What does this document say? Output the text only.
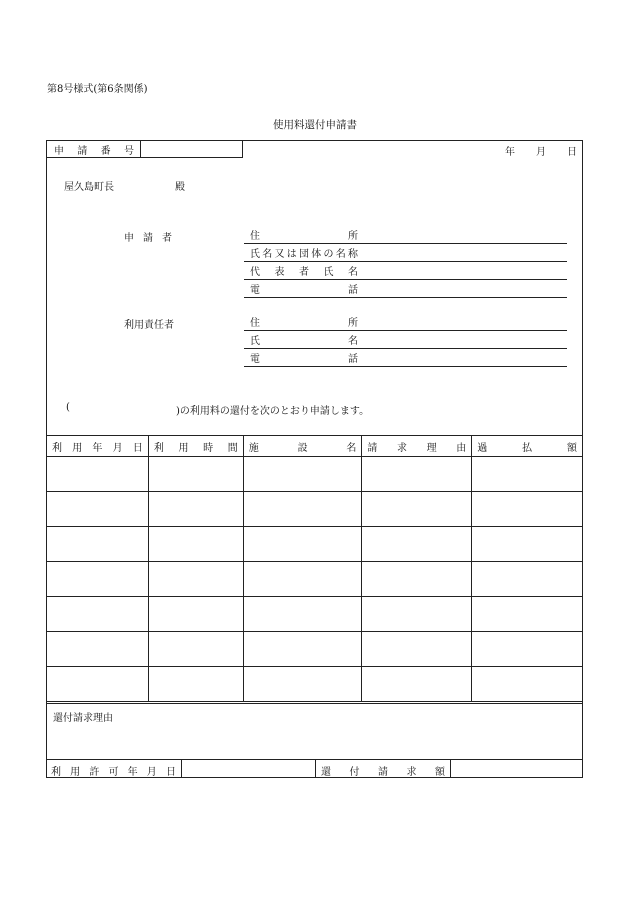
第8号様式(第6条関係)
使用料還付申請書
申 請 番 号	年 月 日
屋久島町長	殿
申 請 者	住	所
氏 名 又 は 団 体 の 名 称
代 表 者 氏 名
電	話
利用責任者	住	所
氏	名
電	話
(	)の利用料の還付を次のとおり申請します。
利 用 年 月 日	利 用 時 間	施 設 名	請 求 理 由	過 払 額

還付請求理由
利 用 許 可 年 月 日	還 付 請 求 額
